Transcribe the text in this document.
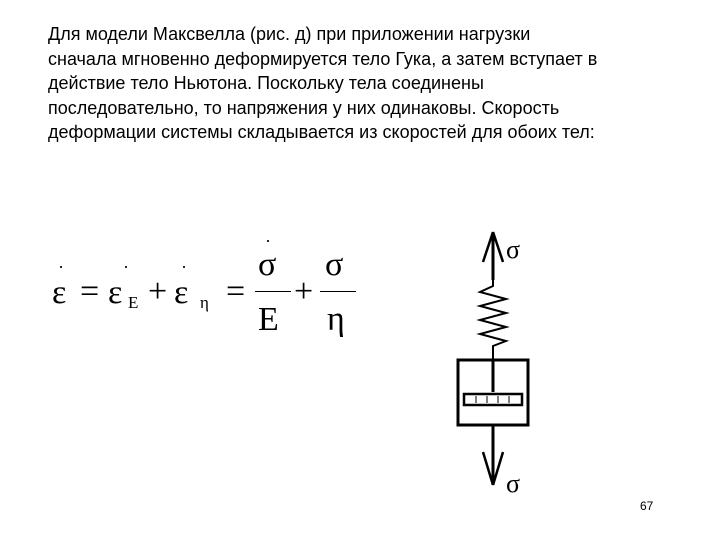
Для модели Максвелла (рис. д) при приложении нагрузки
сначала мгновенно деформируется тело Гука, а затем вступает в
действие тело Ньютона. Поскольку тела соединены
последовательно, то напряжения у них одинаковы. Скорость
деформации системы складывается из скоростей для обоих тел:
·	·	·
·
ε = ε E + ε η =
σ
E
+
σ
η
σ
σ
67
